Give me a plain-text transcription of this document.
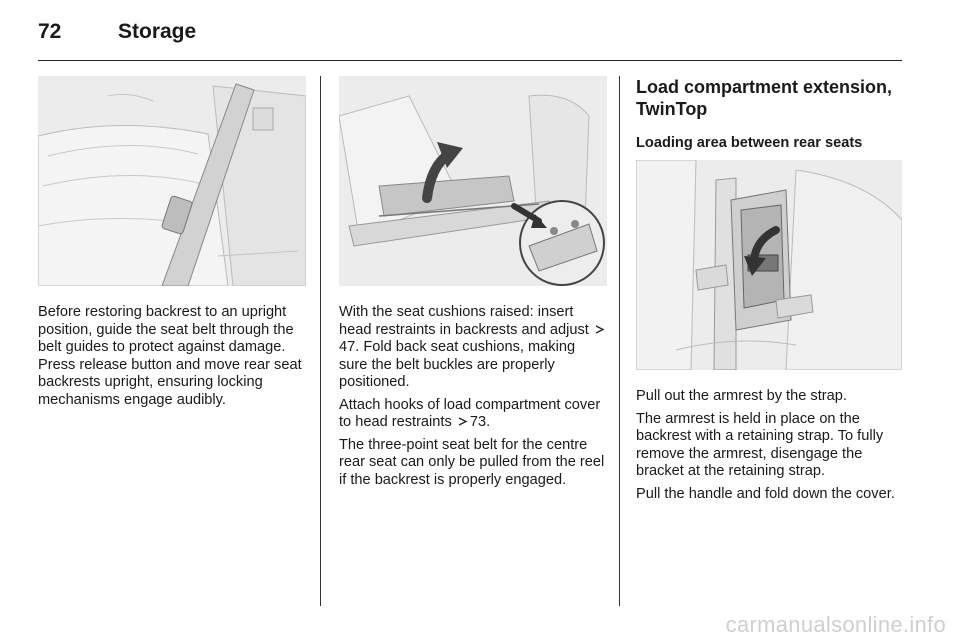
72	Storage

Before restoring backrest to an upright position, guide the seat belt through the belt guides to protect against damage. Press release button and move rear seat backrests upright, ensuring locking mechanisms engage audibly.

With the seat cushions raised: insert head restraints in backrests and adjust
47. Fold back seat cushions, making sure the belt buckles are properly positioned.

Attach hooks of load compartment cover to head restraints 73.

The three-point seat belt for the centre rear seat can only be pulled from the reel if the backrest is properly engaged.

Load compartment extension, TwinTop

Loading area between rear seats

Pull out the armrest by the strap.

The armrest is held in place on the backrest with a retaining strap. To fully remove the armrest, disengage the bracket at the retaining strap.

Pull the handle and fold down the cover.

carmanualsonline.info
